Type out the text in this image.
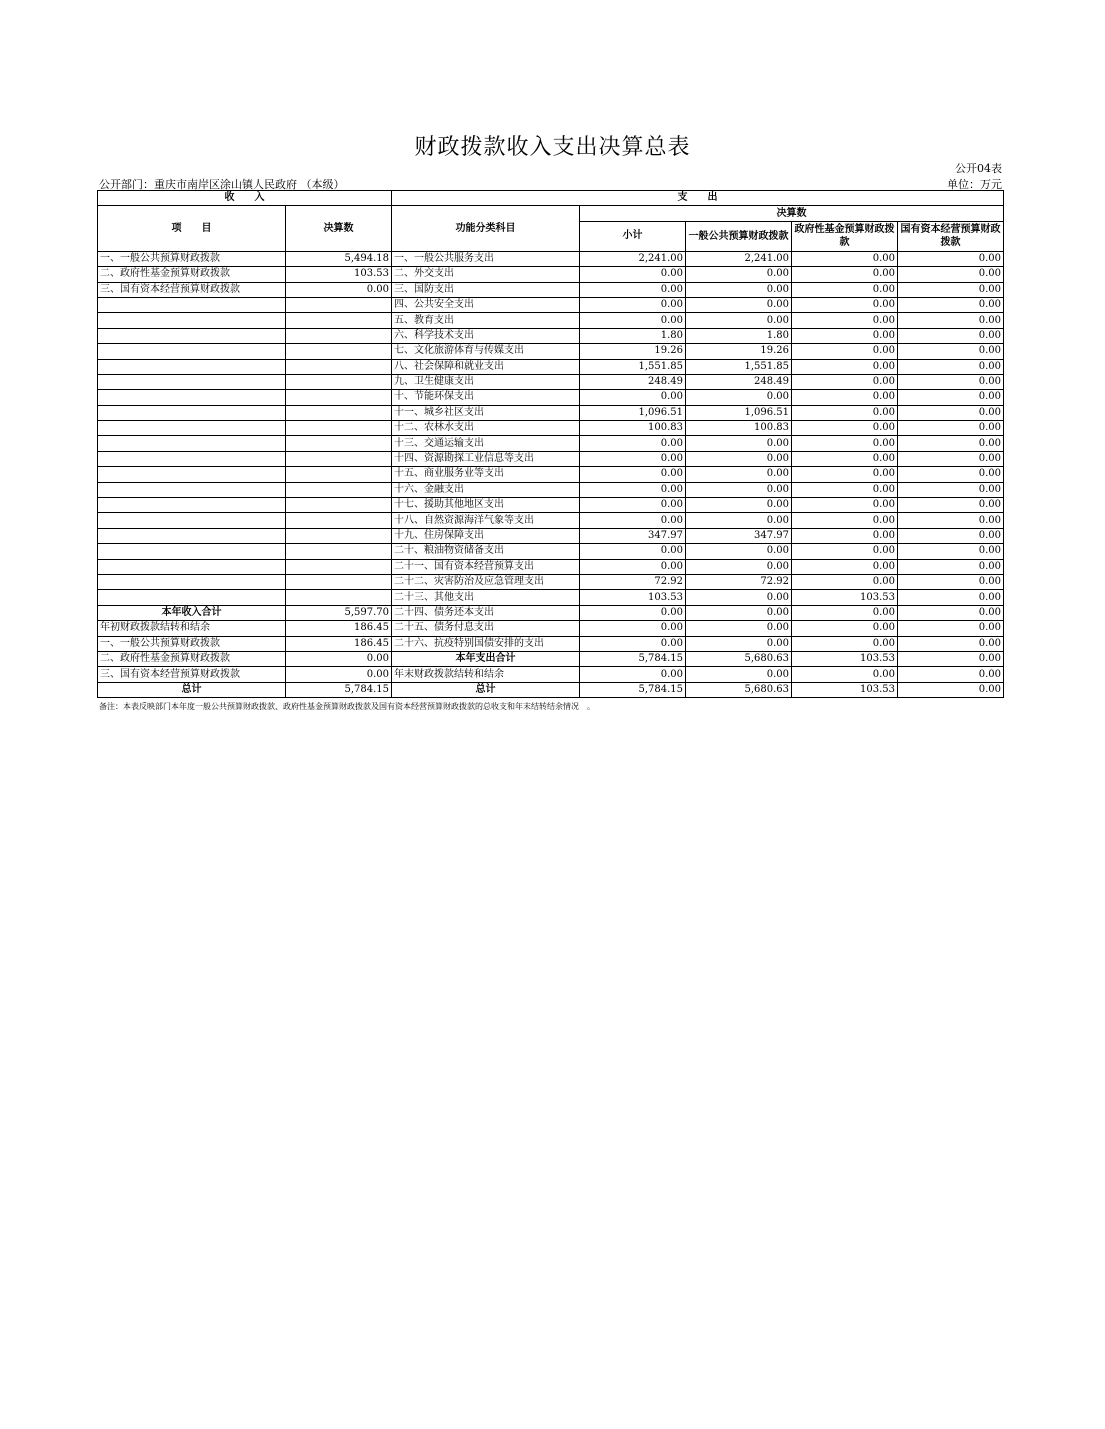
财政拨款收入支出决算总表
公开04表
公开部门：重庆市南岸区涂山镇人民政府 （本级）	单位：万元
收　　入		支　　出				
项　　目	决算数	功能分类科目	决算数			
			小计	一般公共预算财政拨款	政府性基金预算财政拨款	国有资本经营预算财政拨款
一、一般公共预算财政拨款	5,494.18	一、一般公共服务支出	2,241.00	2,241.00	0.00	0.00
二、政府性基金预算财政拨款	103.53	二、外交支出	0.00	0.00	0.00	0.00
三、国有资本经营预算财政拨款	0.00	三、国防支出	0.00	0.00	0.00	0.00
		四、公共安全支出	0.00	0.00	0.00	0.00
		五、教育支出	0.00	0.00	0.00	0.00
		六、科学技术支出	1.80	1.80	0.00	0.00
		七、文化旅游体育与传媒支出	19.26	19.26	0.00	0.00
		八、社会保障和就业支出	1,551.85	1,551.85	0.00	0.00
		九、卫生健康支出	248.49	248.49	0.00	0.00
		十、节能环保支出	0.00	0.00	0.00	0.00
		十一、城乡社区支出	1,096.51	1,096.51	0.00	0.00
		十二、农林水支出	100.83	100.83	0.00	0.00
		十三、交通运输支出	0.00	0.00	0.00	0.00
		十四、资源勘探工业信息等支出	0.00	0.00	0.00	0.00
		十五、商业服务业等支出	0.00	0.00	0.00	0.00
		十六、金融支出	0.00	0.00	0.00	0.00
		十七、援助其他地区支出	0.00	0.00	0.00	0.00
		十八、自然资源海洋气象等支出	0.00	0.00	0.00	0.00
		十九、住房保障支出	347.97	347.97	0.00	0.00
		二十、粮油物资储备支出	0.00	0.00	0.00	0.00
		二十一、国有资本经营预算支出	0.00	0.00	0.00	0.00
		二十二、灾害防治及应急管理支出	72.92	72.92	0.00	0.00
		二十三、其他支出	103.53	0.00	103.53	0.00
本年收入合计	5,597.70	二十四、债务还本支出	0.00	0.00	0.00	0.00
年初财政拨款结转和结余	186.45	二十五、债务付息支出	0.00	0.00	0.00	0.00
一、一般公共预算财政拨款	186.45	二十六、抗疫特别国债安排的支出	0.00	0.00	0.00	0.00
二、政府性基金预算财政拨款	0.00	本年支出合计	5,784.15	5,680.63	103.53	0.00
三、国有资本经营预算财政拨款	0.00	年末财政拨款结转和结余	0.00	0.00	0.00	0.00
总计	5,784.15	总计	5,784.15	5,680.63	103.53	0.00
备注：本表反映部门本年度一般公共预算财政拨款、政府性基金预算财政拨款及国有资本经营预算财政拨款的总收支和年末结转结余情况　。
